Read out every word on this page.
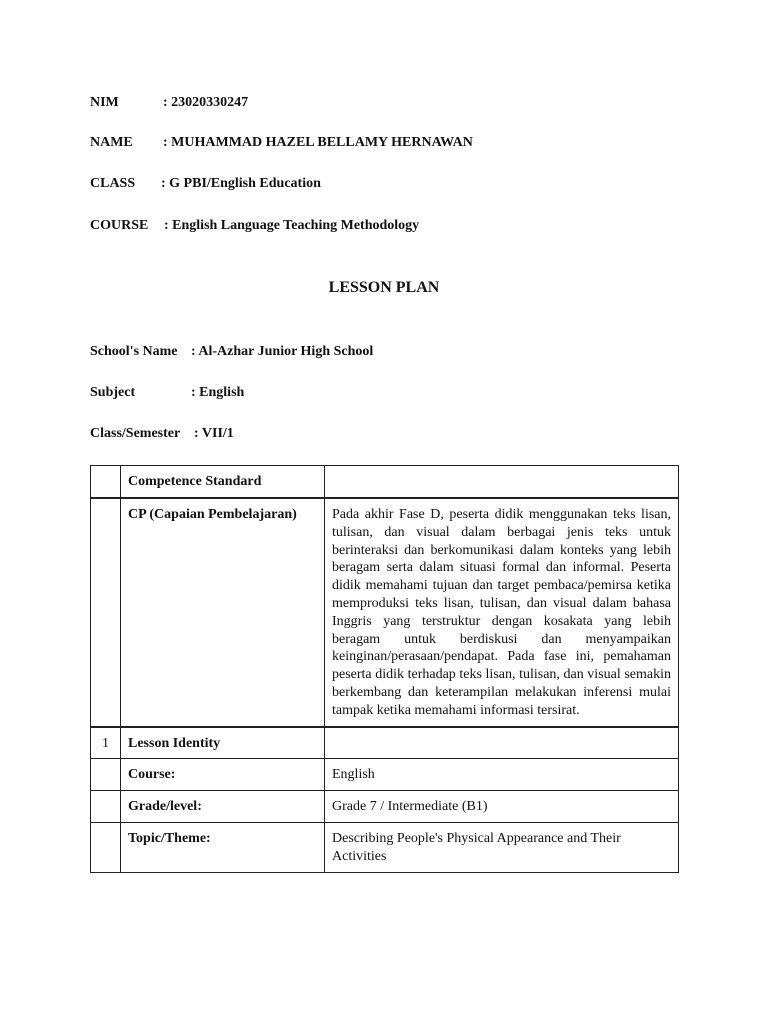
NIM	: 23020330247
NAME : MUHAMMAD HAZEL BELLAMY HERNAWAN
CLASS : G PBI/English Education
COURSE : English Language Teaching Methodology
LESSON PLAN
School's Name : Al-Azhar Junior High School
Subject	: English
Class/Semester : VII/1
	Competence Standard	
	CP (Capaian Pembelajaran)	Pada akhir Fase D, peserta didik menggunakan teks lisan, tulisan, dan visual dalam berbagai jenis teks untuk berinteraksi dan berkomunikasi dalam konteks yang lebih beragam serta dalam situasi formal dan informal. Peserta didik memahami tujuan dan target pembaca/pemirsa ketika memproduksi teks lisan, tulisan, dan visual dalam bahasa Inggris yang terstruktur dengan kosakata yang lebih beragam untuk berdiskusi dan menyampaikan keinginan/perasaan/pendapat. Pada fase ini, pemahaman peserta didik terhadap teks lisan, tulisan, dan visual semakin berkembang dan keterampilan melakukan inferensi mulai tampak ketika memahami informasi tersirat.
1	Lesson Identity	
	Course:	English
	Grade/level:	Grade 7 / Intermediate (B1)
	Topic/Theme:	Describing People's Physical Appearance and Their Activities
